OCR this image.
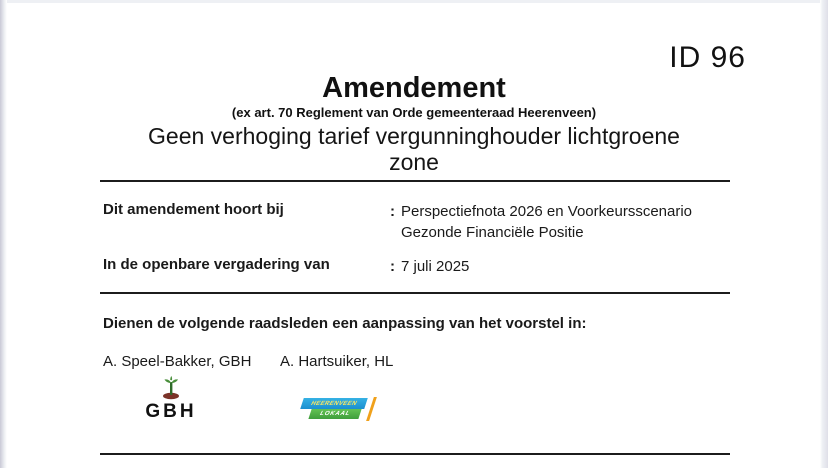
ID 96
Amendement
(ex art. 70 Reglement van Orde gemeenteraad Heerenveen)
Geen verhoging tarief vergunninghouder lichtgroene
zone
Dit amendement hoort bij	: Perspectiefnota 2026 en Voorkeursscenario
Gezonde Financiële Positie
In de openbare vergadering van	: 7 juli 2025
Dienen de volgende raadsleden een aanpassing van het voorstel in:
A. Speel-Bakker, GBH A. Hartsuiker, HL
GBH	HEERENVEEN
LOKAAL
